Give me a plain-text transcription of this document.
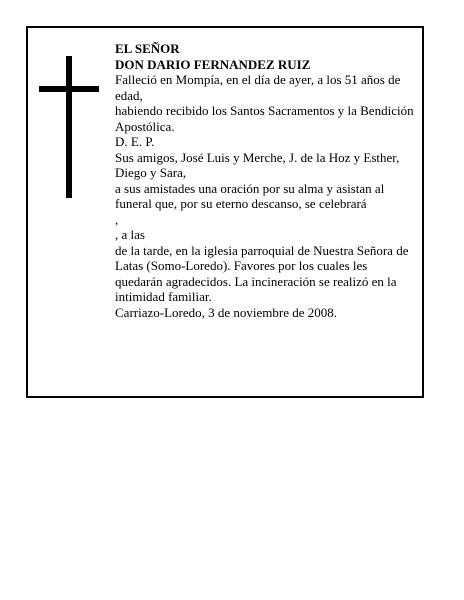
EL SEÑOR

DON DARIO FERNANDEZ RUIZ

Falleció en Mompía, en el día de ayer, a los 51 años de edad,

habiendo recibido los Santos Sacramentos y la Bendición Apostólica.

D. E. P.

Sus amigos, José Luis y Merche, J. de la Hoz y Esther, Diego y Sara,

a sus amistades una oración por su alma y asistan al funeral que, por su eterno descanso, se celebrará

,

, a las

de la tarde, en la iglesia parroquial de Nuestra Señora de Latas (Somo-Loredo). Favores por los cuales les quedarán agradecidos. La incineración se realizó en la intimidad familiar.

Carriazo-Loredo, 3 de noviembre de 2008.
